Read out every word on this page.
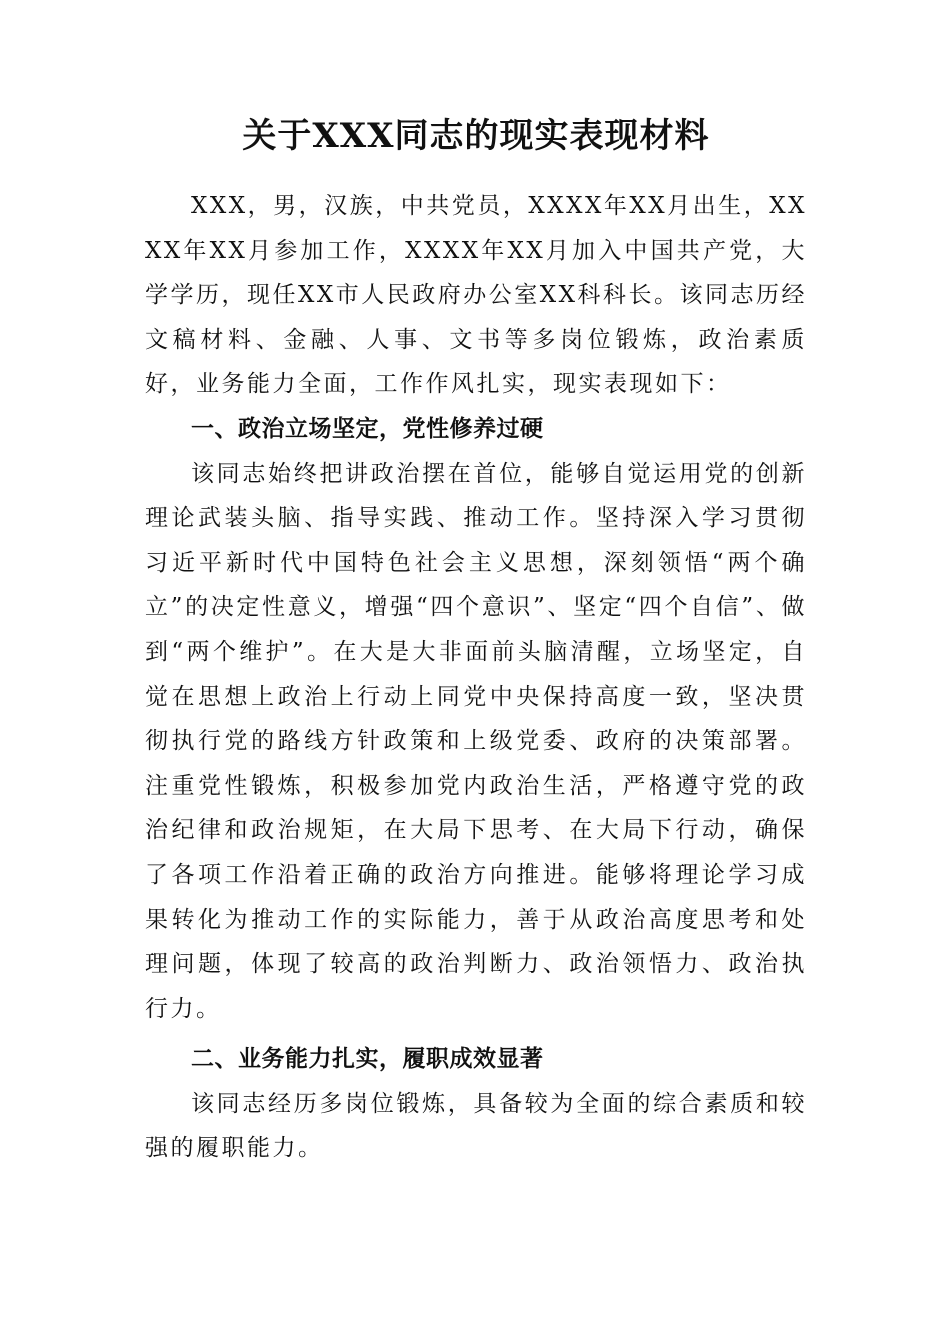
关于XXX同志的现实表现材料

XXX，男，汉族，中共党员，XXXX年XX月出生，XXXX年XX月参加工作，XXXX年XX月加入中国共产党，大学学历，现任XX市人民政府办公室XX科科长。该同志历经文稿材料、金融、人事、文书等多岗位锻炼，政治素质好，业务能力全面，工作作风扎实，现实表现如下：

一、政治立场坚定，党性修养过硬

该同志始终把讲政治摆在首位，能够自觉运用党的创新理论武装头脑、指导实践、推动工作。坚持深入学习贯彻习近平新时代中国特色社会主义思想，深刻领悟“两个确立”的决定性意义，增强“四个意识”、坚定“四个自信”、做到“两个维护”。在大是大非面前头脑清醒，立场坚定，自觉在思想上政治上行动上同党中央保持高度一致，坚决贯彻执行党的路线方针政策和上级党委、政府的决策部署。注重党性锻炼，积极参加党内政治生活，严格遵守党的政治纪律和政治规矩，在大局下思考、在大局下行动，确保了各项工作沿着正确的政治方向推进。能够将理论学习成果转化为推动工作的实际能力，善于从政治高度思考和处理问题，体现了较高的政治判断力、政治领悟力、政治执行力。

二、业务能力扎实，履职成效显著

该同志经历多岗位锻炼，具备较为全面的综合素质和较强的履职能力。
